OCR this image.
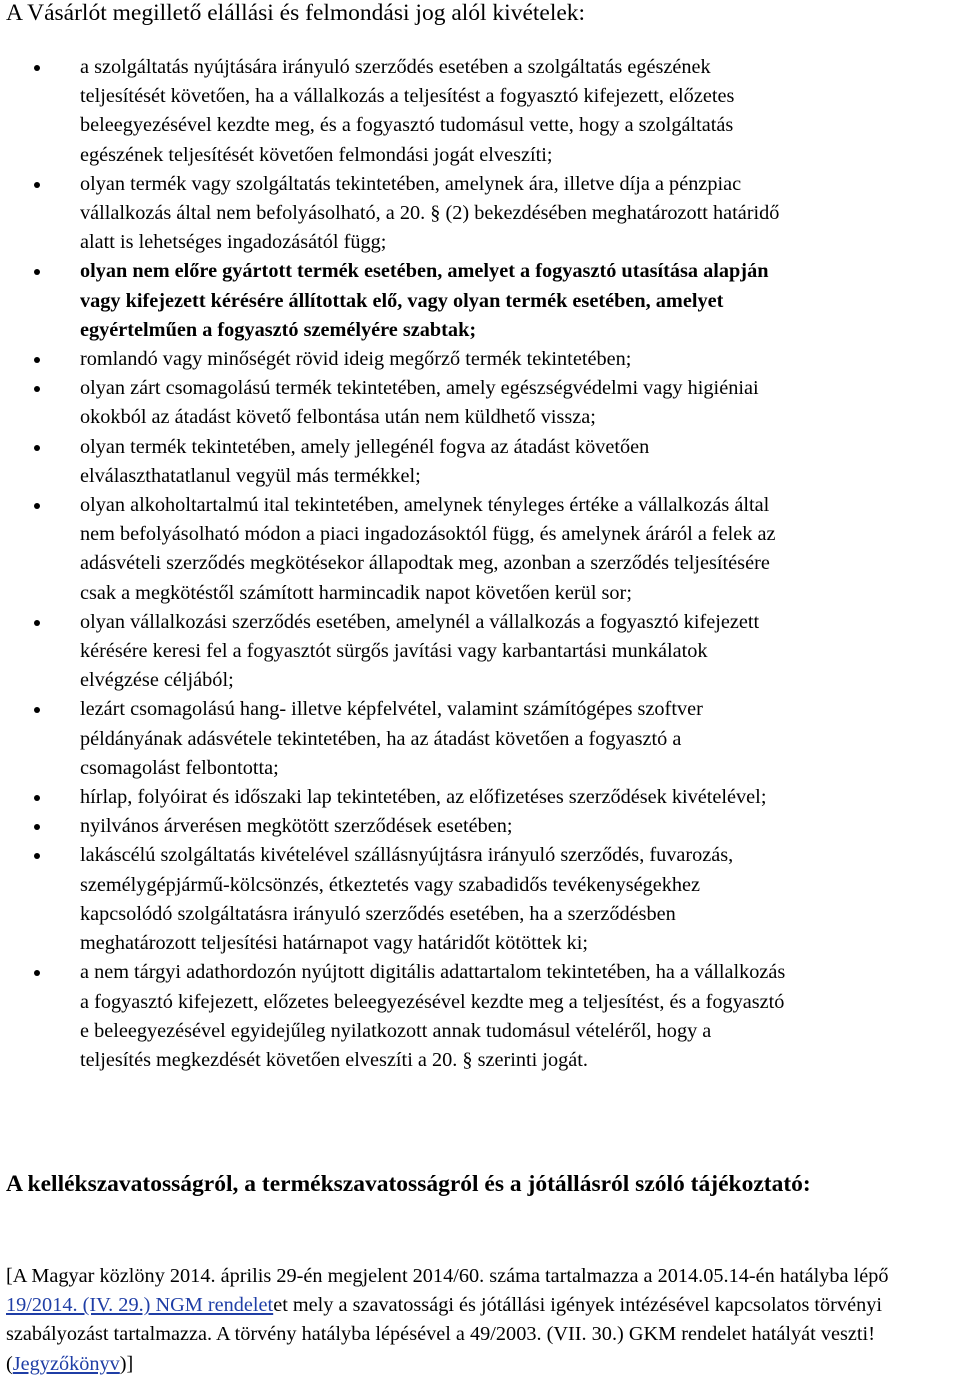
A Vásárlót megillető elállási és felmondási jog alól kivételek:
a szolgáltatás nyújtására irányuló szerződés esetében a szolgáltatás egészének
teljesítését követően, ha a vállalkozás a teljesítést a fogyasztó kifejezett, előzetes
beleegyezésével kezdte meg, és a fogyasztó tudomásul vette, hogy a szolgáltatás
egészének teljesítését követően felmondási jogát elveszíti;
olyan termék vagy szolgáltatás tekintetében, amelynek ára, illetve díja a pénzpiac
vállalkozás által nem befolyásolható, a 20. § (2) bekezdésében meghatározott határidő
alatt is lehetséges ingadozásától függ;
olyan nem előre gyártott termék esetében, amelyet a fogyasztó utasítása alapján
vagy kifejezett kérésére állítottak elő, vagy olyan termék esetében, amelyet
egyértelműen a fogyasztó személyére szabtak;
romlandó vagy minőségét rövid ideig megőrző termék tekintetében;
olyan zárt csomagolású termék tekintetében, amely egészségvédelmi vagy higiéniai
okokból az átadást követő felbontása után nem küldhető vissza;
olyan termék tekintetében, amely jellegénél fogva az átadást követően
elválaszthatatlanul vegyül más termékkel;
olyan alkoholtartalmú ital tekintetében, amelynek tényleges értéke a vállalkozás által
nem befolyásolható módon a piaci ingadozásoktól függ, és amelynek áráról a felek az
adásvételi szerződés megkötésekor állapodtak meg, azonban a szerződés teljesítésére
csak a megkötéstől számított harmincadik napot követően kerül sor;
olyan vállalkozási szerződés esetében, amelynél a vállalkozás a fogyasztó kifejezett
kérésére keresi fel a fogyasztót sürgős javítási vagy karbantartási munkálatok
elvégzése céljából;
lezárt csomagolású hang- illetve képfelvétel, valamint számítógépes szoftver
példányának adásvétele tekintetében, ha az átadást követően a fogyasztó a
csomagolást felbontotta;
hírlap, folyóirat és időszaki lap tekintetében, az előfizetéses szerződések kivételével;
nyilvános árverésen megkötött szerződések esetében;
lakáscélú szolgáltatás kivételével szállásnyújtásra irányuló szerződés, fuvarozás,
személygépjármű-kölcsönzés, étkeztetés vagy szabadidős tevékenységekhez
kapcsolódó szolgáltatásra irányuló szerződés esetében, ha a szerződésben
meghatározott teljesítési határnapot vagy határidőt kötöttek ki;
a nem tárgyi adathordozón nyújtott digitális adattartalom tekintetében, ha a vállalkozás
a fogyasztó kifejezett, előzetes beleegyezésével kezdte meg a teljesítést, és a fogyasztó
e beleegyezésével egyidejűleg nyilatkozott annak tudomásul vételéről, hogy a
teljesítés megkezdését követően elveszíti a 20. § szerinti jogát.
A kellékszavatosságról, a termékszavatosságról és a jótállásról szóló tájékoztató:

[A Magyar közlöny 2014. április 29-én megjelent 2014/60. száma tartalmazza a 2014.05.14-én hatályba lépő 19/2014. (IV. 29.) NGM rendeletet mely a szavatossági és jótállási igények intézésével kapcsolatos törvényi szabályozást tartalmazza. A törvény hatályba lépésével a 49/2003. (VII. 30.) GKM rendelet hatályát veszti! (Jegyzőkönyv)]
